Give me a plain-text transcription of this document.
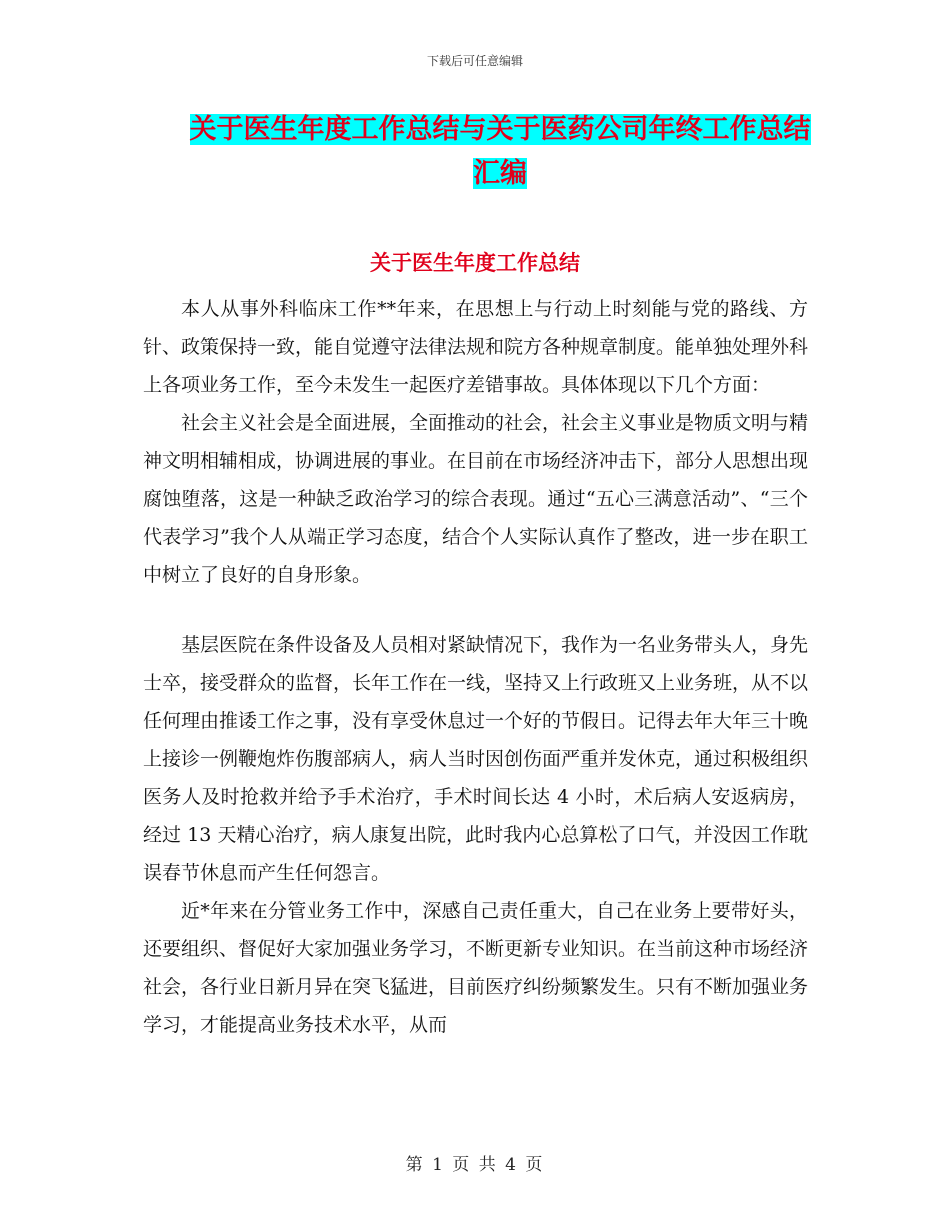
下载后可任意编辑
关于医生年度工作总结与关于医药公司年终工作总结
汇编
关于医生年度工作总结

本人从事外科临床工作**年来，在思想上与行动上时刻能与党的路线、方针、政策保持一致，能自觉遵守法律法规和院方各种规章制度。能单独处理外科上各项业务工作，至今未发生一起医疗差错事故。具体体现以下几个方面：

社会主义社会是全面进展，全面推动的社会，社会主义事业是物质文明与精神文明相辅相成，协调进展的事业。在目前在市场经济冲击下，部分人思想出现腐蚀堕落，这是一种缺乏政治学习的综合表现。通过“五心三满意活动”、“三个代表学习”我个人从端正学习态度，结合个人实际认真作了整改，进一步在职工中树立了良好的自身形象。

基层医院在条件设备及人员相对紧缺情况下，我作为一名业务带头人，身先士卒，接受群众的监督，长年工作在一线，坚持又上行政班又上业务班，从不以任何理由推诿工作之事，没有享受休息过一个好的节假日。记得去年大年三十晚上接诊一例鞭炮炸伤腹部病人，病人当时因创伤面严重并发休克，通过积极组织医务人及时抢救并给予手术治疗，手术时间长达 4 小时，术后病人安返病房，经过 13 天精心治疗，病人康复出院，此时我内心总算松了口气，并没因工作耽误春节休息而产生任何怨言。

近*年来在分管业务工作中，深感自己责任重大，自己在业务上要带好头，还要组织、督促好大家加强业务学习，不断更新专业知识。在当前这种市场经济社会，各行业日新月异在突飞猛进，目前医疗纠纷频繁发生。只有不断加强业务学习，才能提高业务技术水平，从而

第 1 页 共 4 页
